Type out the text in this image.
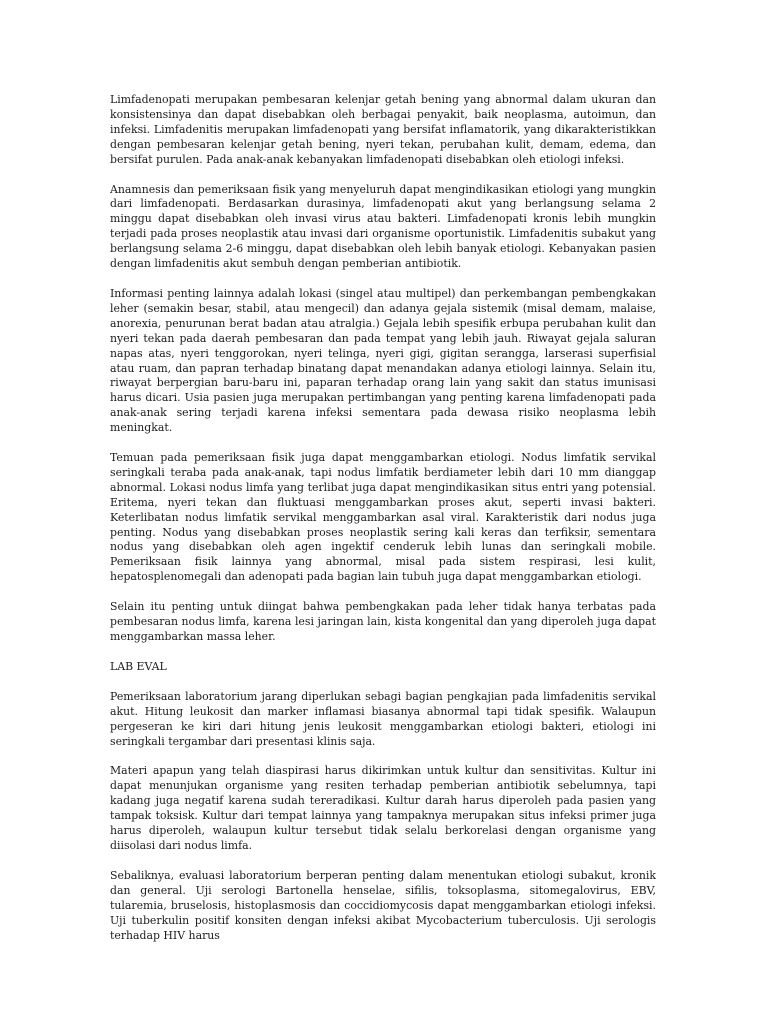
Limfadenopati merupakan pembesaran kelenjar getah bening yang abnormal dalam ukuran dan konsistensinya dan dapat disebabkan oleh berbagai penyakit, baik neoplasma, autoimun, dan infeksi. Limfadenitis merupakan limfadenopati yang bersifat inflamatorik, yang dikarakteristikkan dengan pembesaran kelenjar getah bening, nyeri tekan, perubahan kulit, demam, edema, dan bersifat purulen. Pada anak-anak kebanyakan limfadenopati disebabkan oleh etiologi infeksi.

Anamnesis dan pemeriksaan fisik yang menyeluruh dapat mengindikasikan etiologi yang mungkin dari limfadenopati. Berdasarkan durasinya, limfadenopati akut yang berlangsung selama 2 minggu dapat disebabkan oleh invasi virus atau bakteri. Limfadenopati kronis lebih mungkin terjadi pada proses neoplastik atau invasi dari organisme oportunistik. Limfadenitis subakut yang berlangsung selama 2-6 minggu, dapat disebabkan oleh lebih banyak etiologi. Kebanyakan pasien dengan limfadenitis akut sembuh dengan pemberian antibiotik.

Informasi penting lainnya adalah lokasi (singel atau multipel) dan perkembangan pembengkakan leher (semakin besar, stabil, atau mengecil) dan adanya gejala sistemik (misal demam, malaise, anorexia, penurunan berat badan atau atralgia.) Gejala lebih spesifik erbupa perubahan kulit dan nyeri tekan pada daerah pembesaran dan pada tempat yang lebih jauh. Riwayat gejala saluran napas atas, nyeri tenggorokan, nyeri telinga, nyeri gigi, gigitan serangga, larserasi superfisial atau ruam, dan papran terhadap binatang dapat menandakan adanya etiologi lainnya. Selain itu, riwayat berpergian baru-baru ini, paparan terhadap orang lain yang sakit dan status imunisasi harus dicari. Usia pasien juga merupakan pertimbangan yang penting karena limfadenopati pada anak-anak sering terjadi karena infeksi sementara pada dewasa risiko neoplasma lebih meningkat.

Temuan pada pemeriksaan fisik juga dapat menggambarkan etiologi. Nodus limfatik servikal seringkali teraba pada anak-anak, tapi nodus limfatik berdiameter lebih dari 10 mm dianggap abnormal. Lokasi nodus limfa yang terlibat juga dapat mengindikasikan situs entri yang potensial. Eritema, nyeri tekan dan fluktuasi menggambarkan proses akut, seperti invasi bakteri. Keterlibatan nodus limfatik servikal menggambarkan asal viral. Karakteristik dari nodus juga penting. Nodus yang disebabkan proses neoplastik sering kali keras dan terfiksir, sementara nodus yang disebabkan oleh agen ingektif cenderuk lebih lunas dan seringkali mobile. Pemeriksaan fisik lainnya yang abnormal, misal pada sistem respirasi, lesi kulit, hepatosplenomegali dan adenopati pada bagian lain tubuh juga dapat menggambarkan etiologi.

Selain itu penting untuk diingat bahwa pembengkakan pada leher tidak hanya terbatas pada pembesaran nodus limfa, karena lesi jaringan lain, kista kongenital dan yang diperoleh juga dapat menggambarkan massa leher.

LAB EVAL

Pemeriksaan laboratorium jarang diperlukan sebagi bagian pengkajian pada limfadenitis servikal akut. Hitung leukosit dan marker inflamasi biasanya abnormal tapi tidak spesifik. Walaupun pergeseran ke kiri dari hitung jenis leukosit menggambarkan etiologi bakteri, etiologi ini seringkali tergambar dari presentasi klinis saja.

Materi apapun yang telah diaspirasi harus dikirimkan untuk kultur dan sensitivitas. Kultur ini dapat menunjukan organisme yang resiten terhadap pemberian antibiotik sebelumnya, tapi kadang juga negatif karena sudah tereradikasi. Kultur darah harus diperoleh pada pasien yang tampak toksisk. Kultur dari tempat lainnya yang tampaknya merupakan situs infeksi primer juga harus diperoleh, walaupun kultur tersebut tidak selalu berkorelasi dengan organisme yang diisolasi dari nodus limfa.

Sebaliknya, evaluasi laboratorium berperan penting dalam menentukan etiologi subakut, kronik dan general. Uji serologi Bartonella henselae, sifilis, toksoplasma, sitomegalovirus, EBV, tularemia, bruselosis, histoplasmosis dan coccidiomycosis dapat menggambarkan etiologi infeksi. Uji tuberkulin positif konsiten dengan infeksi akibat Mycobacterium tuberculosis. Uji serologis terhadap HIV harus
